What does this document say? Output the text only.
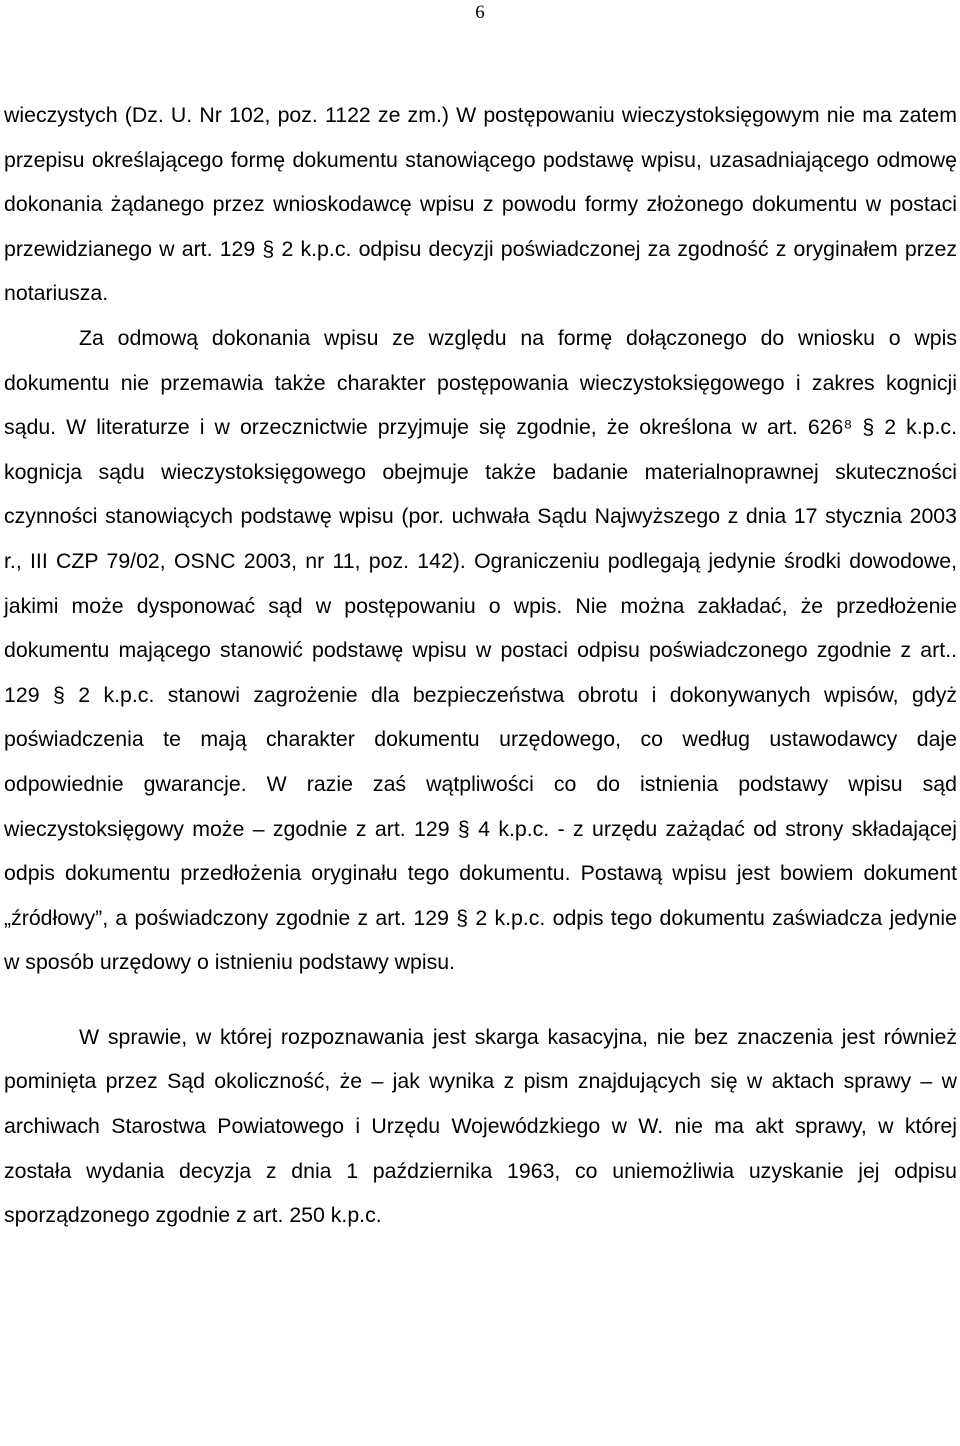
6

wieczystych (Dz. U. Nr 102, poz. 1122 ze zm.) W postępowaniu wieczystoksięgowym nie ma zatem przepisu określającego formę dokumentu stanowiącego podstawę wpisu, uzasadniającego odmowę dokonania żądanego przez wnioskodawcę wpisu z powodu formy złożonego dokumentu w postaci przewidzianego w art. 129 § 2 k.p.c. odpisu decyzji poświadczonej za zgodność z oryginałem przez notariusza.

Za odmową dokonania wpisu ze względu na formę dołączonego do wniosku o wpis dokumentu nie przemawia także charakter postępowania wieczystoksięgowego i zakres kognicji sądu. W literaturze i w orzecznictwie przyjmuje się zgodnie, że określona w art. 626⁸ § 2 k.p.c. kognicja sądu wieczystoksięgowego obejmuje także badanie materialnoprawnej skuteczności czynności stanowiących podstawę wpisu (por. uchwała Sądu Najwyższego z dnia 17 stycznia 2003 r., III CZP 79/02, OSNC 2003, nr 11, poz. 142). Ograniczeniu podlegają jedynie środki dowodowe, jakimi może dysponować sąd w postępowaniu o wpis. Nie można zakładać, że przedłożenie dokumentu mającego stanowić podstawę wpisu w postaci odpisu poświadczonego zgodnie z art.. 129 § 2 k.p.c. stanowi zagrożenie dla bezpieczeństwa obrotu i dokonywanych wpisów, gdyż poświadczenia te mają charakter dokumentu urzędowego, co według ustawodawcy daje odpowiednie gwarancje. W razie zaś wątpliwości co do istnienia podstawy wpisu sąd wieczystoksięgowy może – zgodnie z art. 129 § 4 k.p.c. - z urzędu zażądać od strony składającej odpis dokumentu przedłożenia oryginału tego dokumentu. Postawą wpisu jest bowiem dokument „źródłowy”, a poświadczony zgodnie z art. 129 § 2 k.p.c. odpis tego dokumentu zaświadcza jedynie w sposób urzędowy o istnieniu podstawy wpisu.

W sprawie, w której rozpoznawania jest skarga kasacyjna, nie bez znaczenia jest również pominięta przez Sąd okoliczność, że – jak wynika z pism znajdujących się w aktach sprawy – w archiwach Starostwa Powiatowego i Urzędu Wojewódzkiego w W. nie ma akt sprawy, w której została wydania decyzja z dnia 1 października 1963, co uniemożliwia uzyskanie jej odpisu sporządzonego zgodnie z art. 250 k.p.c.
